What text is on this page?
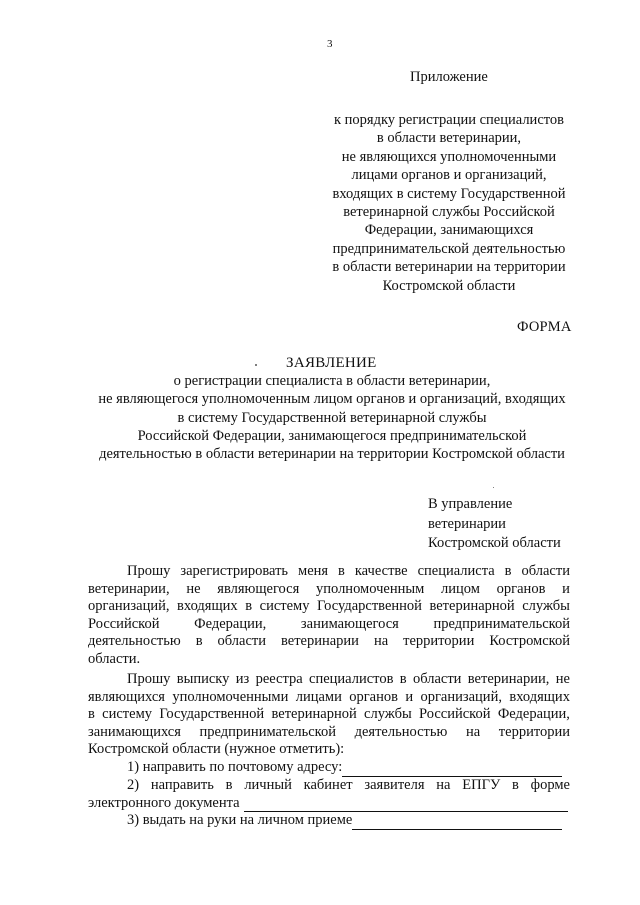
3
Приложение
к порядку регистрации специалистов
в области ветеринарии,
не являющихся уполномоченными
лицами органов и организаций,
входящих в систему Государственной
ветеринарной службы Российской
Федерации, занимающихся
предпринимательской деятельностью
в области ветеринарии на территории
Костромской области
ФОРМА
ЗАЯВЛЕНИЕ
о регистрации специалиста в области ветеринарии,
не являющегося уполномоченным лицом органов и организаций, входящих
в систему Государственной ветеринарной службы
Российской Федерации, занимающегося предпринимательской
деятельностью в области ветеринарии на территории Костромской области
В управление
ветеринарии
Костромской области
Прошу зарегистрировать меня в качестве специалиста в области
ветеринарии, не являющегося уполномоченным лицом органов и
организаций, входящих в систему Государственной ветеринарной службы
Российской Федерации, занимающегося предпринимательской
деятельностью в области ветеринарии на территории Костромской
области.
Прошу выписку из реестра специалистов в области ветеринарии, не
являющихся уполномоченными лицами органов и организаций, входящих
в систему Государственной ветеринарной службы Российской Федерации,
занимающихся предпринимательской деятельностью на территории
Костромской области (нужное отметить):
1) направить по почтовому адресу:
2) направить в личный кабинет заявителя на ЕПГУ в форме
электронного документа
3) выдать на руки на личном приеме
